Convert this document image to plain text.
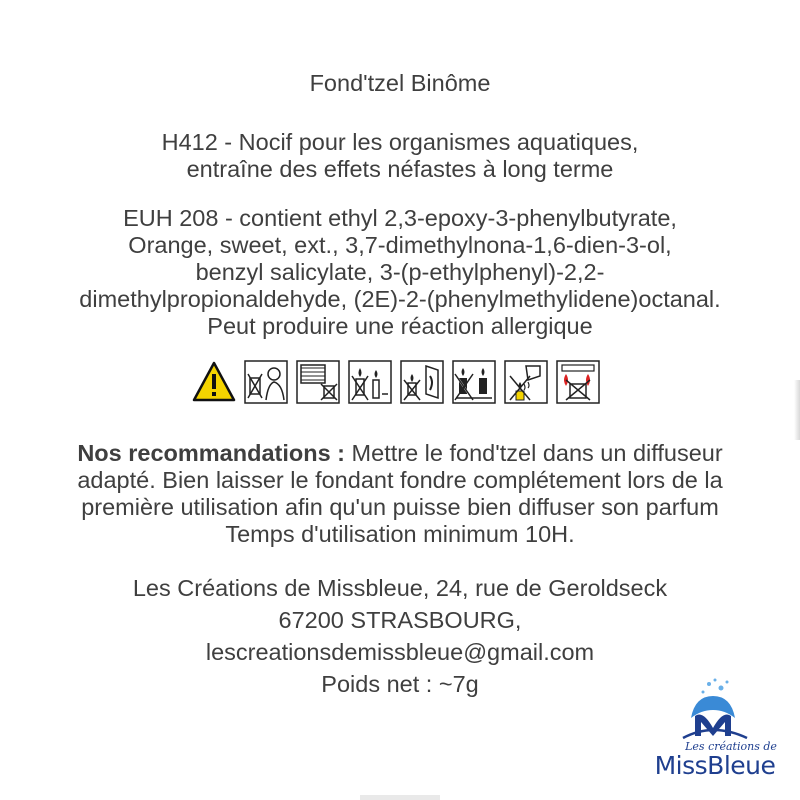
Fond'tzel Binôme
H412 - Nocif pour les organismes aquatiques,
entraîne des effets néfastes à long terme
EUH 208 - contient ethyl 2,3-epoxy-3-phenylbutyrate,
Orange, sweet, ext., 3,7-dimethylnona-1,6-dien-3-ol,
benzyl salicylate, 3-(p-ethylphenyl)-2,2-
dimethylpropionaldehyde, (2E)-2-(phenylmethylidene)octanal.
Peut produire une réaction allergique
Nos recommandations : Mettre le fond'tzel dans un diffuseur
adapté. Bien laisser le fondant fondre complétement lors de la
première utilisation afin qu'un puisse bien diffuser son parfum
Temps d'utilisation minimum 10H.
Les Créations de Missbleue, 24, rue de Geroldseck
67200 STRASBOURG,
lescreationsdemissbleue@gmail.com
Poids net : ~7g
Les créations de
MissBleue
